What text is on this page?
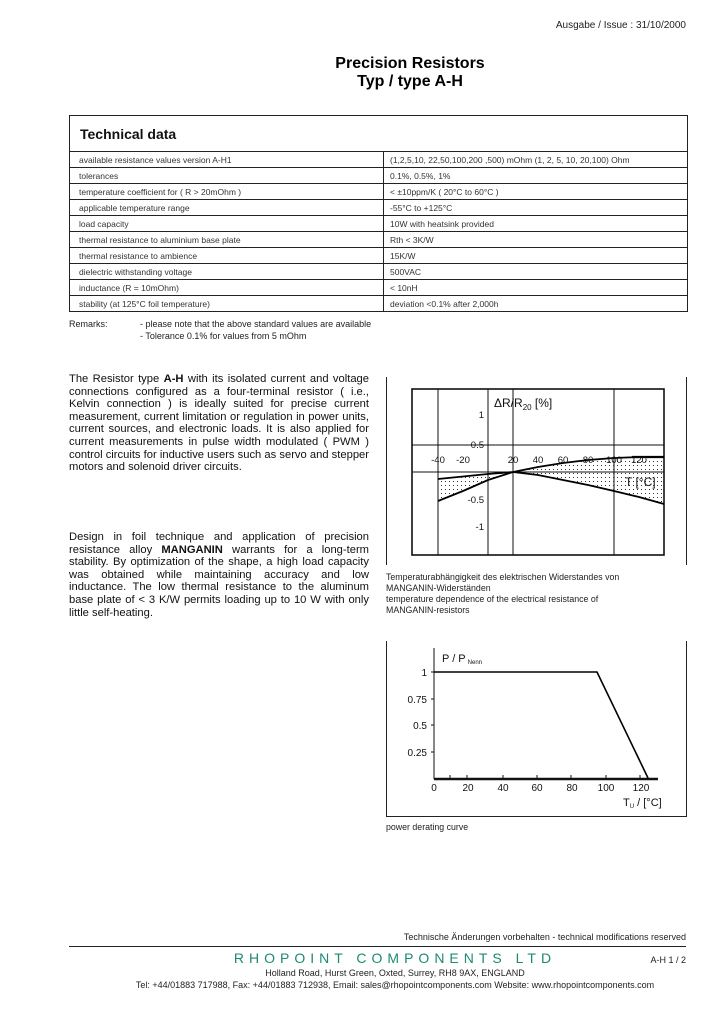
Ausgabe / Issue : 31/10/2000
Precision Resistors
Typ / type A-H
Technical data
available resistance values version A-H1	(1,2,5,10, 22,50,100,200 ,500) mOhm (1, 2, 5, 10, 20,100) Ohm
tolerances	0.1%, 0.5%, 1%
temperature coefficient for ( R > 20mOhm )	< ±10ppm/K ( 20°C to 60°C )
applicable temperature range	-55°C to +125°C
load capacity	10W with heatsink provided
thermal resistance to aluminium base plate	Rth < 3K/W
thermal resistance to ambience	15K/W
dielectric withstanding voltage	500VAC
inductance (R = 10mOhm)	< 10nH
stability (at 125°C foil temperature)	deviation <0.1% after 2,000h
Remarks:	- please note that the above standard values are available
- Tolerance 0.1% for values from 5 mOhm
The Resistor type A-H with its isolated current and voltage connections configured as a four-terminal resistor ( i.e., Kelvin connection ) is ideally suited for precise current measurement, current limitation or regulation in power units, current sources, and electronic loads. It is also applied for current measurements in pulse width modulated ( PWM ) control circuits for inductive users such as servo and stepper motors and solenoid driver circuits.
Design in foil technique and application of precision resistance alloy MANGANIN warrants for a long-term stability. By optimization of the shape, a high load capacity was obtained while maintaining accuracy and low inductance. The low thermal resistance to the aluminum base plate of < 3 K/W permits loading up to 10 W with only little self-heating.
-40 -20	20 40 60 80 100 120
1
0.5
-0.5
-1
$\Delta R/R_{20}$ [%]
T [°C]
0	20 40 60 80 100 120
1
0.75
0.5
0.25
P / P Nenn
TU / [°C]
Temperaturabhängigkeit des elektrischen Widerstandes von
MANGANIN-Widerständen
temperature dependence of the electrical resistance of
MANGANIN-resistors
power derating curve
Technische Änderungen vorbehalten - technical modifications reserved
RHOPOINT COMPONENTS LTD	A-H 1 / 2
Holland Road, Hurst Green, Oxted, Surrey, RH8 9AX, ENGLAND
Tel: +44/01883 717988, Fax: +44/01883 712938, Email: sales@rhopointcomponents.com Website: www.rhopointcomponents.com
